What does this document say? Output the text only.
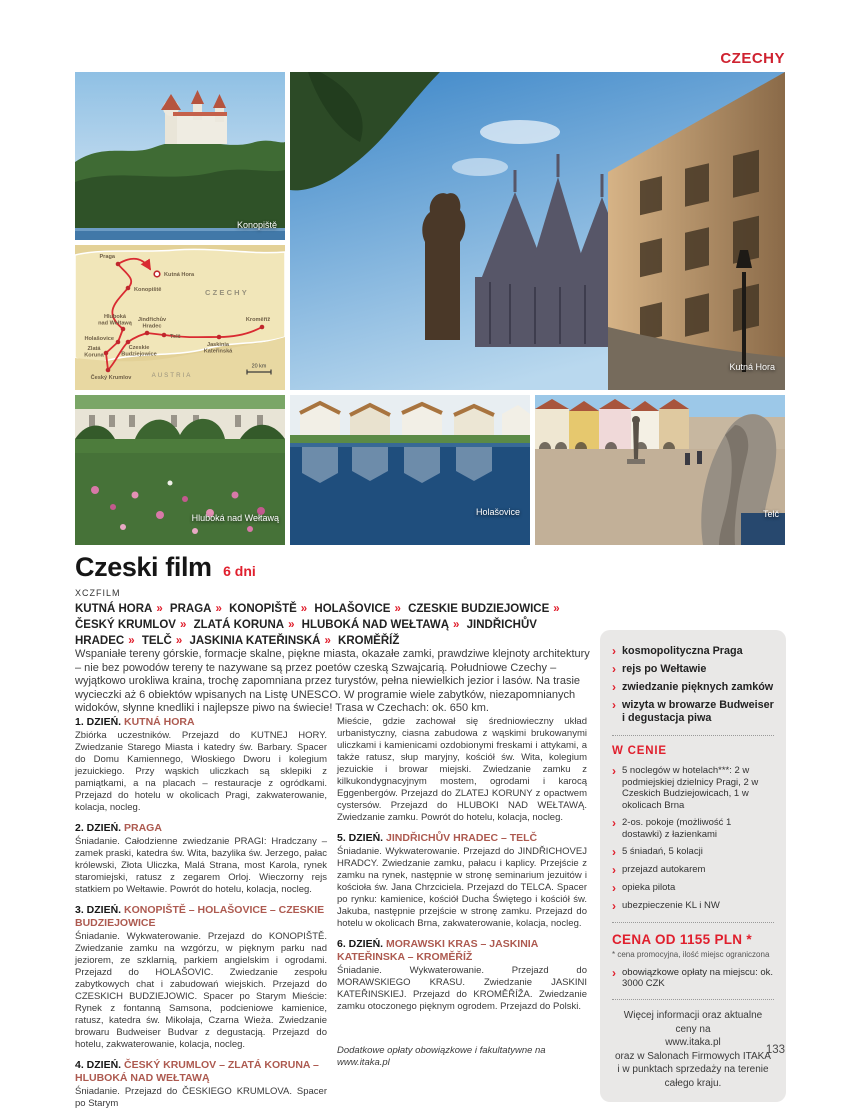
CZECHY
Konopiště
CZECHY
AUSTRIA
20 km
Praga
Kutná Hora
Konopiště
Hluboká nad Wełtawą
Jindřichův Hradec
Telč
Holašovice
Czeskie Budziejowice
Zlatá Koruna
Český Krumlov
Jaskinia Kateřinská
Kroměříž
Kutná Hora
Hluboká nad Wełtawą
Holašovice	Telč
Czeski film 6 dni
XCZFILM
KUTNÁ HORA » PRAGA » KONOPIŠTĚ » HOLAŠOVICE » CZESKIE BUDZIEJOWICE » ČESKÝ KRUMLOV » ZLATÁ KORUNA » HLUBOKÁ NAD WEŁTAWĄ » JINDŘICHŮV HRADEC » TELČ » JASKINIA KATEŘINSKÁ » KROMĚŘÍŽ

Wspaniałe tereny górskie, formacje skalne, piękne miasta, okazałe zamki, prawdziwe klejnoty architektury – nie bez powodów tereny te nazywane są przez poetów czeską Szwajcarią. Południowe Czechy – wyjątkowo urokliwa kraina, trochę zapomniana przez turystów, pełna niewielkich jezior i lasów. Na trasie wycieczki aż 6 obiektów wpisanych na Listę UNESCO. W programie wiele zabytków, niezapomnianych widoków, słynne knedliki i najlepsze piwo na świecie! Trasa w Czechach: ok. 650 km.

1. DZIEŃ. KUTNÁ HORA

Zbiórka uczestników. Przejazd do KUTNEJ HORY. Zwiedzanie Starego Miasta i katedry św. Barbary. Spacer do Domu Kamiennego, Włoskiego Dworu i kolegium jezuickiego. Przy wąskich uliczkach są sklepiki z pamiątkami, a na placach – restauracje z ogródkami. Przejazd do hotelu w okolicach Pragi, zakwaterowanie, kolacja, nocleg.

2. DZIEŃ. PRAGA

Śniadanie. Całodzienne zwiedzanie PRAGI: Hradczany – zamek praski, katedra św. Wita, bazylika św. Jerzego, pałac królewski, Złota Uliczka, Malá Strana, most Karola, rynek staromiejski, ratusz z zegarem Orloj. Wieczorny rejs statkiem po Wełtawie. Powrót do hotelu, kolacja, nocleg.

3. DZIEŃ. KONOPIŠTĚ – HOLAŠOVICE – CZESKIE BUDZIEJOWICE

Śniadanie. Wykwaterowanie. Przejazd do KONOPIŠTĚ. Zwiedzanie zamku na wzgórzu, w pięknym parku nad jeziorem, ze szklarnią, parkiem angielskim i ogrodami. Przejazd do HOLAŠOVIC. Zwiedzanie zespołu zabytkowych chat i zabudowań wiejskich. Przejazd do CZESKICH BUDZIEJOWIC. Spacer po Starym Mieście: Rynek z fontanną Samsona, podcieniowe kamienice, ratusz, katedra św. Mikołaja, Czarna Wieża. Zwiedzanie browaru Budweiser Budvar z degustacją. Przejazd do hotelu, zakwaterowanie, kolacja, nocleg.

4. DZIEŃ. ČESKÝ KRUMLOV – ZLATÁ KORUNA – HLUBOKÁ NAD WEŁTAWĄ

Śniadanie. Przejazd do ČESKIEGO KRUMLOVA. Spacer po Starym

Mieście, gdzie zachował się średniowieczny układ urbanistyczny, ciasna zabudowa z wąskimi brukowanymi uliczkami i kamienicami ozdobionymi freskami i attykami, a także ratusz, słup maryjny, kościół św. Wita, kolegium jezuickie i browar miejski. Zwiedzanie zamku z kilkukondygnacyjnym mostem, ogrodami i karocą Eggenbergów. Przejazd do ZLATEJ KORUNY z opactwem cystersów. Przejazd do HLUBOKI NAD WEŁTAWĄ. Zwiedzanie zamku. Powrót do hotelu, kolacja, nocleg.

5. DZIEŃ. JINDŘICHŮV HRADEC – TELČ

Śniadanie. Wykwaterowanie. Przejazd do JINDŘICHOVEJ HRADCY. Zwiedzanie zamku, pałacu i kaplicy. Przejście z zamku na rynek, następnie w stronę seminarium jezuitów i kościoła św. Jana Chrzciciela. Przejazd do TELCA. Spacer po rynku: kamienice, kościół Ducha Świętego i kościół św. Jakuba, następnie przejście w stronę zamku. Przejazd do hotelu w okolicach Brna, zakwaterowanie, kolacja, nocleg.

6. DZIEŃ. MORAWSKI KRAS – JASKINIA KATEŘINSKA – KROMĚŘÍŽ

Śniadanie. Wykwaterowanie. Przejazd do MORAWSKIEGO KRASU. Zwiedzanie JASKINI KATEŘINSKIEJ. Przejazd do KROMĚŘÍŽA. Zwiedzanie zamku otoczonego pięknym ogrodem. Przejazd do Polski.

Dodatkowe opłaty obowiązkowe i fakultatywne na www.itaka.pl

› kosmopolityczna Praga
› rejs po Wełtawie
› zwiedzanie pięknych zamków
› wizyta w browarze Budweiser i degustacja piwa
W CENIE
› 5 noclegów w hotelach***: 2 w podmiejskiej dzielnicy Pragi, 2 w Czeskich Budziejowicach, 1 w okolicach Brna
› 2-os. pokoje (możliwość 1 dostawki) z łazienkami
› 5 śniadań, 5 kolacji
› przejazd autokarem
› opieka pilota
› ubezpieczenie KL i NW
CENA OD 1155 PLN *
* cena promocyjna, ilość miejsc ograniczona
› obowiązkowe opłaty na miejscu: ok. 3000 CZK
Więcej informacji oraz aktualne ceny na
www.itaka.pl
oraz w Salonach Firmowych ITAKA
i w punktach sprzedaży na terenie
całego kraju.
133
